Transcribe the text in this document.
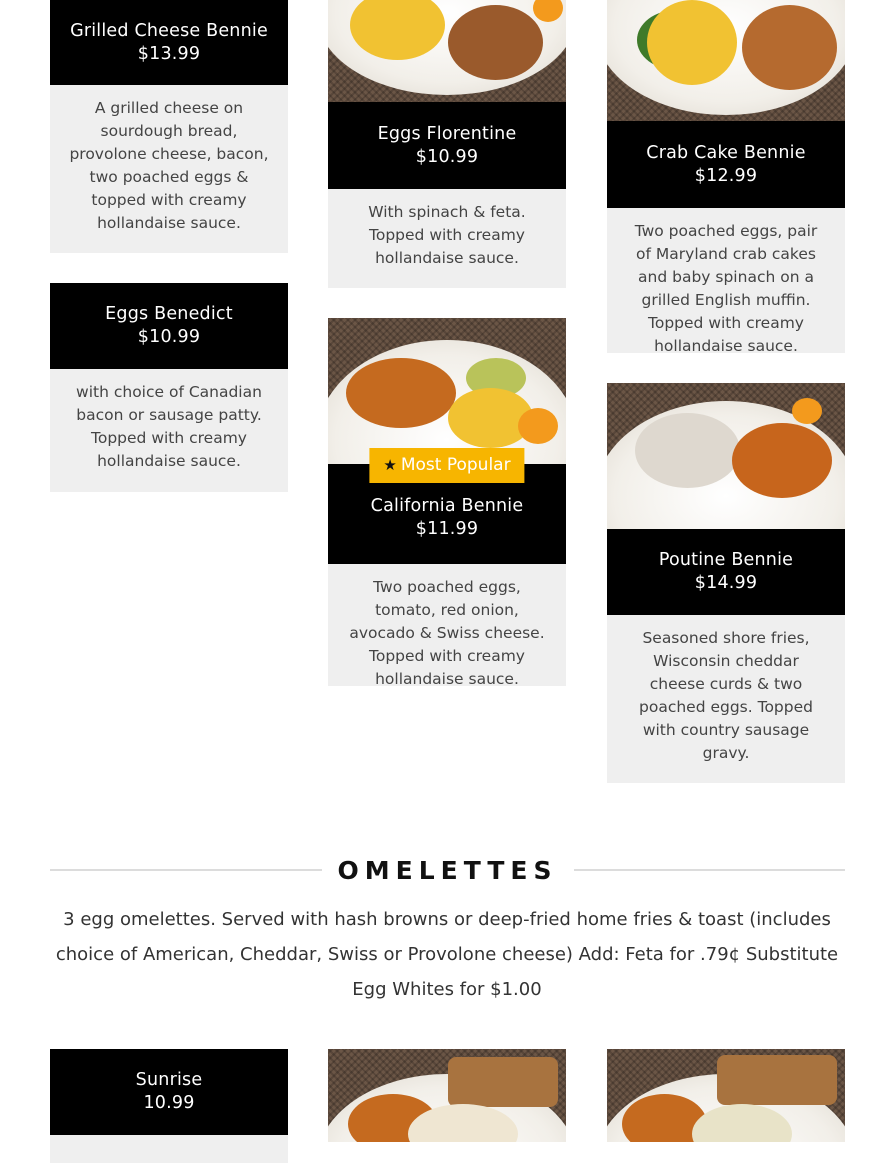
Grilled Cheese Bennie
$13.99
A grilled cheese on sourdough bread, provolone cheese, bacon, two poached eggs & topped with creamy hollandaise sauce.
Eggs Benedict
$10.99
with choice of Canadian bacon or sausage patty. Topped with creamy hollandaise sauce.
Eggs Florentine
$10.99
With spinach & feta. Topped with creamy hollandaise sauce.
★ Most Popular
California Bennie
$11.99
Two poached eggs, tomato, red onion, avocado & Swiss cheese. Topped with creamy hollandaise sauce.
Crab Cake Bennie
$12.99
Two poached eggs, pair of Maryland crab cakes and baby spinach on a grilled English muffin. Topped with creamy hollandaise sauce.
Poutine Bennie
$14.99
Seasoned shore fries, Wisconsin cheddar cheese curds & two poached eggs. Topped with country sausage gravy.
OMELETTES
3 egg omelettes. Served with hash browns or deep-fried home fries & toast (includes choice of American, Cheddar, Swiss or Provolone cheese) Add: Feta for .79¢ Substitute Egg Whites for $1.00
Sunrise
10.99
